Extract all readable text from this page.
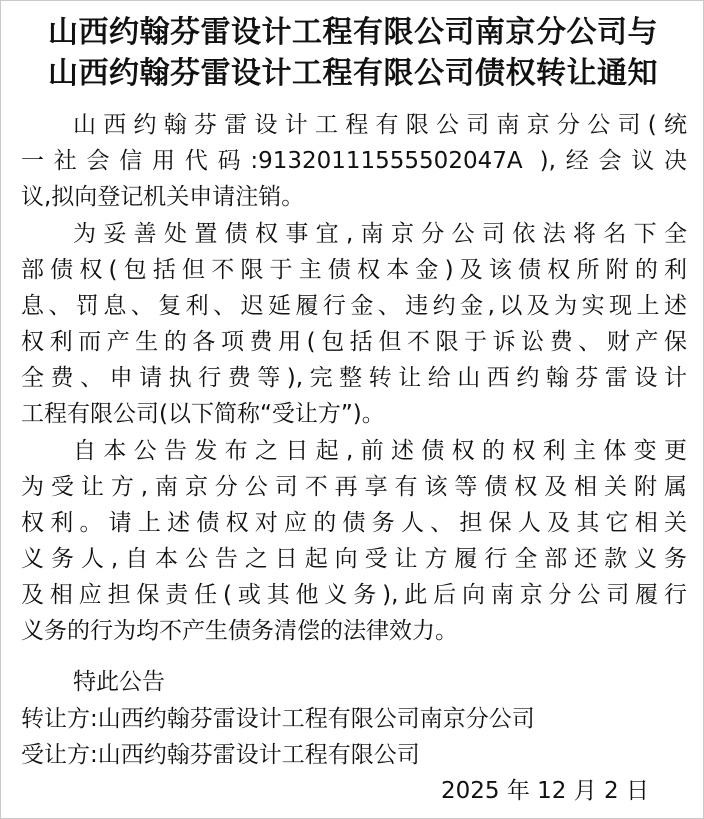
山西约翰芬雷设计工程有限公司南京分公司与
山西约翰芬雷设计工程有限公司债权转让通知
山西约翰芬雷设计工程有限公司南京分公司(统
一社会信用代码:91320111555502047A ),经会议决
议,拟向登记机关申请注销。
为妥善处置债权事宜,南京分公司依法将名下全
部债权(包括但不限于主债权本金)及该债权所附的利
息、罚息、复利、迟延履行金、违约金,以及为实现上述
权利而产生的各项费用(包括但不限于诉讼费、财产保
全费、申请执行费等),完整转让给山西约翰芬雷设计
工程有限公司(以下简称“受让方”)。
自本公告发布之日起,前述债权的权利主体变更
为受让方,南京分公司不再享有该等债权及相关附属
权利。请上述债权对应的债务人、担保人及其它相关
义务人,自本公告之日起向受让方履行全部还款义务
及相应担保责任(或其他义务),此后向南京分公司履行
义务的行为均不产生债务清偿的法律效力。
特此公告
转让方:山西约翰芬雷设计工程有限公司南京分公司
受让方:山西约翰芬雷设计工程有限公司
2025 年 12 月 2 日
